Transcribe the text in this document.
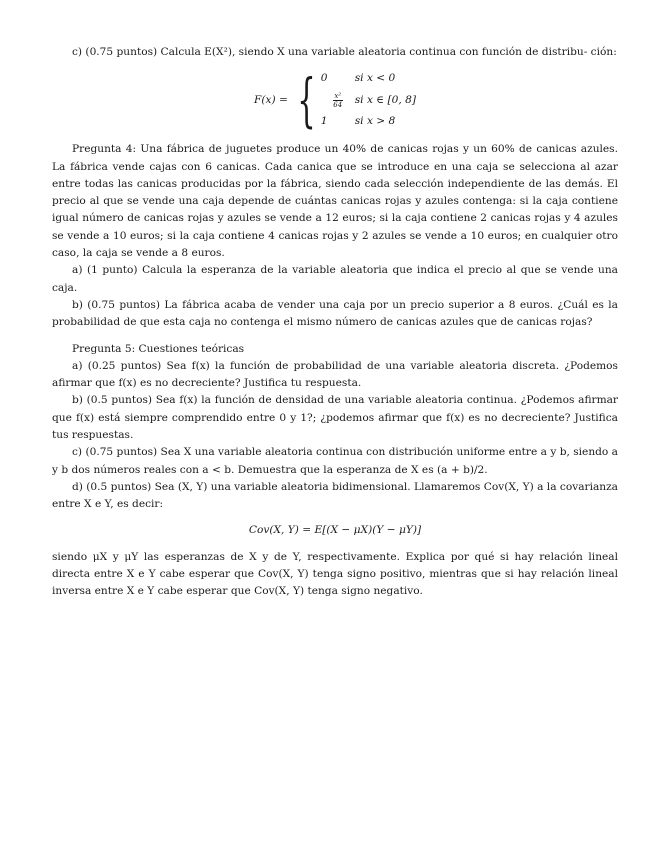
c) (0.75 puntos) Calcula E(X²), siendo X una variable aleatoria continua con función de distribu- ción:

F(x) = { 0	si x < 0
$\frac{\text{x²}}{64}$ si x ∈ [0, 8]
1	si x > 8

Pregunta 4: Una fábrica de juguetes produce un 40% de canicas rojas y un 60% de canicas azules. La fábrica vende cajas con 6 canicas. Cada canica que se introduce en una caja se selecciona al azar entre todas las canicas producidas por la fábrica, siendo cada selección independiente de las demás. El precio al que se vende una caja depende de cuántas canicas rojas y azules contenga: si la caja contiene igual número de canicas rojas y azules se vende a 12 euros; si la caja contiene 2 canicas rojas y 4 azules se vende a 10 euros; si la caja contiene 4 canicas rojas y 2 azules se vende a 10 euros; en cualquier otro caso, la caja se vende a 8 euros.

a) (1 punto) Calcula la esperanza de la variable aleatoria que indica el precio al que se vende una caja.

b) (0.75 puntos) La fábrica acaba de vender una caja por un precio superior a 8 euros. ¿Cuál es la probabilidad de que esta caja no contenga el mismo número de canicas azules que de canicas rojas?

Pregunta 5: Cuestiones teóricas

a) (0.25 puntos) Sea f(x) la función de probabilidad de una variable aleatoria discreta. ¿Podemos afirmar que f(x) es no decreciente? Justifica tu respuesta.

b) (0.5 puntos) Sea f(x) la función de densidad de una variable aleatoria continua. ¿Podemos afirmar que f(x) está siempre comprendido entre 0 y 1?; ¿podemos afirmar que f(x) es no decreciente? Justifica tus respuestas.

c) (0.75 puntos) Sea X una variable aleatoria continua con distribución uniforme entre a y b, siendo a y b dos números reales con a < b. Demuestra que la esperanza de X es (a + b)/2.

d) (0.5 puntos) Sea (X, Y) una variable aleatoria bidimensional. Llamaremos Cov(X, Y) a la covarianza entre X e Y, es decir:

Cov(X, Y) = E[(X − μX)(Y − μY)]

siendo μX y μY las esperanzas de X y de Y, respectivamente. Explica por qué si hay relación lineal directa entre X e Y cabe esperar que Cov(X, Y) tenga signo positivo, mientras que si hay relación lineal inversa entre X e Y cabe esperar que Cov(X, Y) tenga signo negativo.
